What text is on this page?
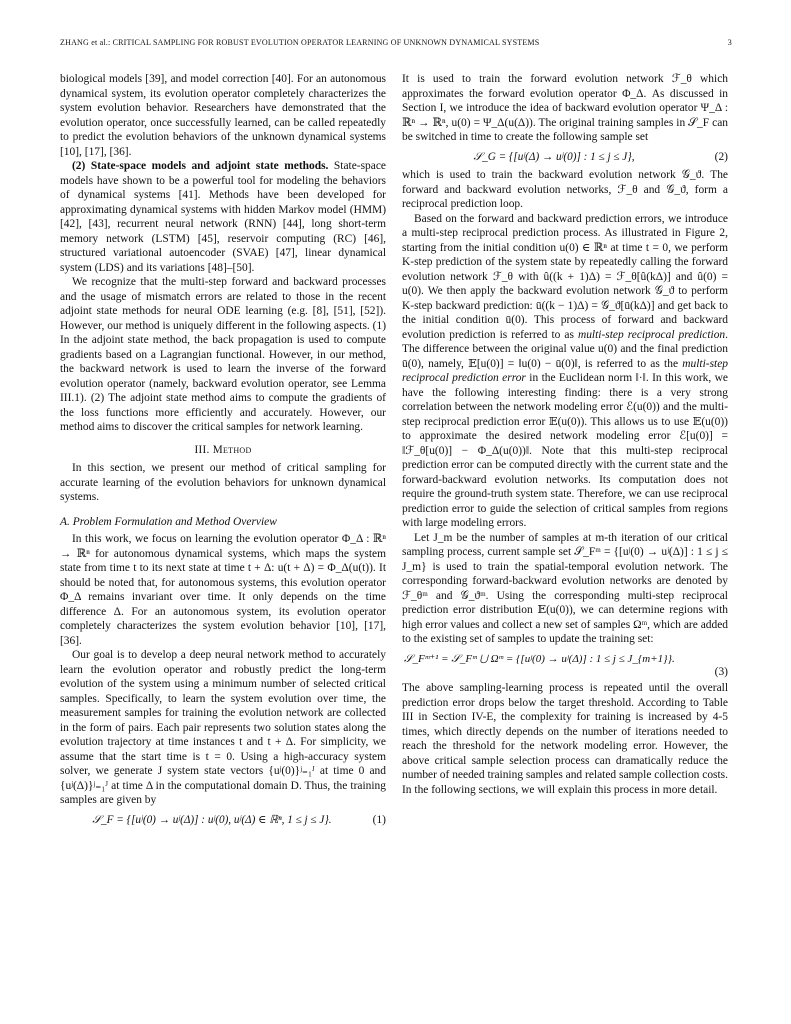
ZHANG et al.: CRITICAL SAMPLING FOR ROBUST EVOLUTION OPERATOR LEARNING OF UNKNOWN DYNAMICAL SYSTEMS	3

biological models [39], and model correction [40]. For an autonomous dynamical system, its evolution operator completely characterizes the system evolution behavior. Researchers have demonstrated that the evolution operator, once successfully learned, can be called repeatedly to predict the evolution behaviors of the unknown dynamical systems [10], [17], [36].

(2) State-space models and adjoint state methods. State-space models have shown to be a powerful tool for modeling the behaviors of dynamical systems [41]. Methods have been developed for approximating dynamical systems with hidden Markov model (HMM) [42], [43], recurrent neural network (RNN) [44], long short-term memory network (LSTM) [45], reservoir computing (RC) [46], structured variational autoencoder (SVAE) [47], linear dynamical system (LDS) and its variations [48]–[50].

We recognize that the multi-step forward and backward processes and the usage of mismatch errors are related to those in the recent adjoint state methods for neural ODE learning (e.g. [8], [51], [52]). However, our method is uniquely different in the following aspects. (1) In the adjoint state method, the back propagation is used to compute gradients based on a Lagrangian functional. However, in our method, the backward network is used to learn the inverse of the forward evolution operator (namely, backward evolution operator, see Lemma III.1). (2) The adjoint state method aims to compute the gradients of the loss functions more efficiently and accurately. However, our method aims to discover the critical samples for network learning.

III. Method

In this section, we present our method of critical sampling for accurate learning of the evolution behaviors for unknown dynamical systems.

A. Problem Formulation and Method Overview

In this work, we focus on learning the evolution operator Φ_Δ : ℝⁿ → ℝⁿ for autonomous dynamical systems, which maps the system state from time t to its next state at time t + Δ: u(t + Δ) = Φ_Δ(u(t)). It should be noted that, for autonomous systems, this evolution operator Φ_Δ remains invariant over time. It only depends on the time difference Δ. For an autonomous system, its evolution operator completely characterizes the system evolution behavior [10], [17], [36].

Our goal is to develop a deep neural network method to accurately learn the evolution operator and robustly predict the long-term evolution of the system using a minimum number of selected critical samples. Specifically, to learn the system evolution over time, the measurement samples for training the evolution network are collected in the form of pairs. Each pair represents two solution states along the evolution trajectory at time instances t and t + Δ. For simplicity, we assume that the start time is t = 0. Using a high-accuracy system solver, we generate J system state vectors {uʲ(0)}ʲ₌₁ᴶ at time 0 and {uʲ(Δ)}ʲ₌₁ᴶ at time Δ in the computational domain D. Thus, the training samples are given by

𝒮_F = {[uʲ(0) → uʲ(Δ)] : uʲ(0), uʲ(Δ) ∈ ℝⁿ, 1 ≤ j ≤ J}.	(1)

It is used to train the forward evolution network ℱ_θ which approximates the forward evolution operator Φ_Δ. As discussed in Section I, we introduce the idea of backward evolution operator Ψ_Δ : ℝⁿ → ℝⁿ, u(0) = Ψ_Δ(u(Δ)). The original training samples in 𝒮_F can be switched in time to create the following sample set

𝒮_G = {[uʲ(Δ) → uʲ(0)] : 1 ≤ j ≤ J},	(2)

which is used to train the backward evolution network 𝒢_ϑ. The forward and backward evolution networks, ℱ_θ and 𝒢_ϑ, form a reciprocal prediction loop.

Based on the forward and backward prediction errors, we introduce a multi-step reciprocal prediction process. As illustrated in Figure 2, starting from the initial condition u(0) ∈ ℝⁿ at time t = 0, we perform K-step prediction of the system state by repeatedly calling the forward evolution network ℱ_θ with û((k + 1)Δ) = ℱ_θ[û(kΔ)] and û(0) = u(0). We then apply the backward evolution network 𝒢_ϑ to perform K-step backward prediction: ū((k − 1)Δ) = 𝒢_ϑ[ū(kΔ)] and get back to the initial condition ū(0). This process of forward and backward evolution prediction is referred to as multi-step reciprocal prediction. The difference between the original value u(0) and the final prediction ū(0), namely, 𝔼[u(0)] = ‖u(0) − ū(0)‖, is referred to as the multi-step reciprocal prediction error in the Euclidean norm ‖·‖. In this work, we have the following interesting finding: there is a very strong correlation between the network modeling error ℰ(u(0)) and the multi-step reciprocal prediction error 𝔼(u(0)). This allows us to use 𝔼(u(0)) to approximate the desired network modeling error ℰ[u(0)] = ‖ℱ_θ[u(0)] − Φ_Δ(u(0))‖. Note that this multi-step reciprocal prediction error can be computed directly with the current state and the forward-backward evolution networks. Its computation does not require the ground-truth system state. Therefore, we can use reciprocal prediction error to guide the selection of critical samples from regions with large modeling errors.

Let J_m be the number of samples at m-th iteration of our critical sampling process, current sample set 𝒮_Fᵐ = {[uʲ(0) → uʲ(Δ)] : 1 ≤ j ≤ J_m} is used to train the spatial-temporal evolution network. The corresponding forward-backward evolution networks are denoted by ℱ_θᵐ and 𝒢_ϑᵐ. Using the corresponding multi-step reciprocal prediction error distribution 𝔼(u(0)), we can determine regions with high error values and collect a new set of samples Ωᵐ, which are added to the existing set of samples to update the training set:

𝒮_Fᵐ⁺¹ = 𝒮_Fᵐ ⋃ Ωᵐ = {[uʲ(0) → uʲ(Δ)] : 1 ≤ j ≤ J_{m+1}}.
(3)

The above sampling-learning process is repeated until the overall prediction error drops below the target threshold. According to Table III in Section IV-E, the complexity for training is increased by 4-5 times, which directly depends on the number of iterations needed to reach the threshold for the network modeling error. However, the above critical sample selection process can dramatically reduce the number of needed training samples and related sample collection costs. In the following sections, we will explain this process in more detail.
